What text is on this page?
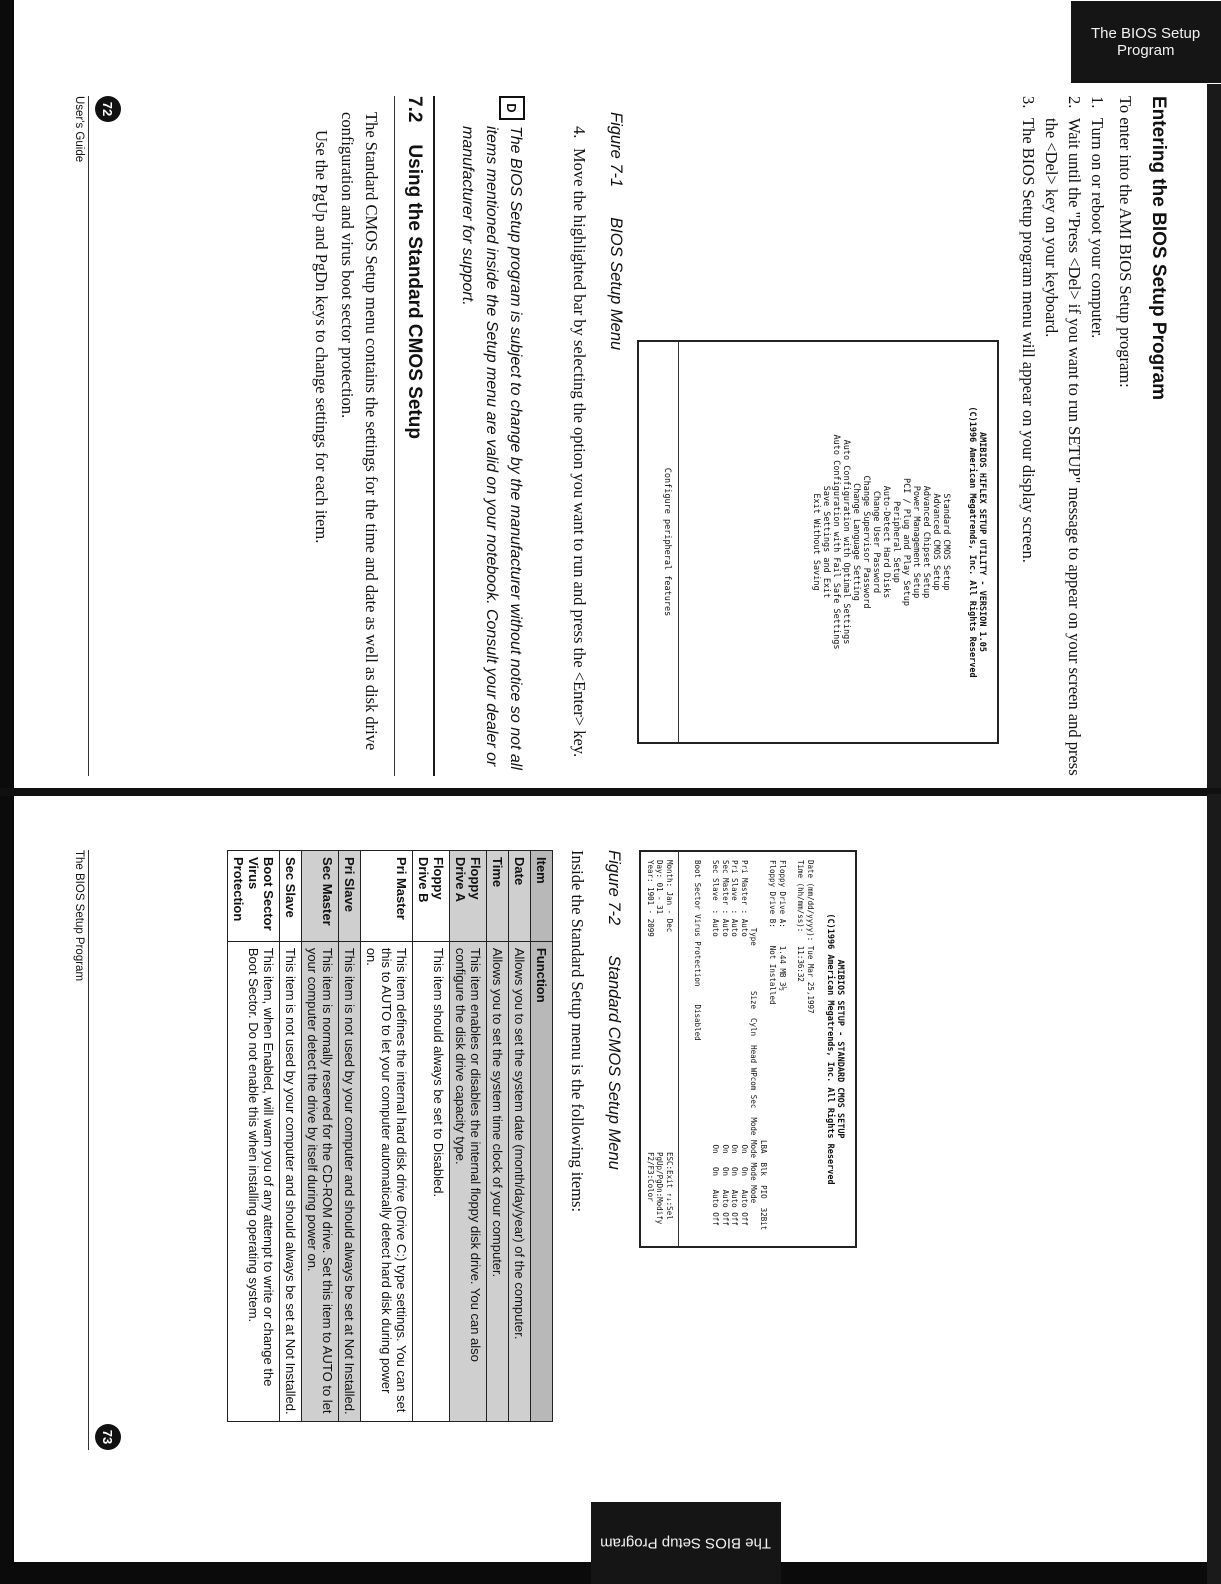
The BIOS Setup Program
Entering the BIOS Setup Program
To enter into the AMI BIOS Setup program:
1.
Turn on or reboot your computer.
2.
Wait until the "Press <Del> if you want to run SETUP" message to appear on your screen and press the <Del> key on your keyboard.
3.
The BIOS Setup program menu will appear on your display screen.
AMIBIOS HIFLEX SETUP UTILITY - VERSION 1.05
(C)1996 American Megatrends, Inc. All Rights Reserved
Standard CMOS Setup
Advanced CMOS Setup
Advanced Chipset Setup
Power Management Setup
PCI / Plug and Play Setup
Peripheral Setup
Auto-Detect Hard Disks
Change User Password
Change Supervisor Password
Change Language Setting
Auto Configuration with Optimal Settings
Auto Configuration with Fail Safe Settings
Save Settings and Exit
Exit Without Saving
Configure peripheral features
Figure 7-1BIOS Setup Menu
4.
Move the highlighted bar by selecting the option you want to run and press the <Enter> key.
D
The BIOS Setup program is subject to change by the manufacturer without notice so not all items mentioned inside the Setup menu are valid on your notebook. Consult your dealer or manufacturer for support.
7.2Using the Standard CMOS Setup
The Standard CMOS Setup menu contains the settings for the time and date as well as disk drive configuration and virus boot sector protection.
Use the PgUp and PgDn keys to change settings for each item.
72
User's Guide
The BIOS Setup Program
AMIBIOS SETUP - STANDARD CMOS SETUP
(C)1996 American Megatrends, Inc. All Rights Reserved
Date (mm/dd/yyyy): Tue Mar 25,1997
Time (hh/mm/ss):   11:36:32
Floppy Drive A:    1.44 MB 3½
Floppy Drive B:    Not Installed
LBA  Blk  PIO  32Bit
Type          Size  Cyln  Head WPcom Sec  Mode Mode Mode Mode
Pri Master : Auto                                              On   On   Auto Off
Pri Slave  : Auto                                              On   On   Auto Off
Sec Master : Auto                                              On   On   Auto Off
Sec Slave  : Auto                                              On   On   Auto Off
Boot Sector Virus Protection    Disabled
Month: Jan - Dec
Day: 01 - 31
Year: 1901 - 2099
ESC:Exit ↑↓:Sel
PgUp/PgDn:Modify
F2/F3:Color
Figure 7-2Standard CMOS Setup Menu
Inside the Standard Setup menu is the following items:
Item	Function
Date	Allows you to set the system date (month/day/year) of the computer.
Time	Allows you to set the system time clock of your computer.
Floppy Drive A	This item enables or disables the internal floppy disk drive. You can also configure the disk drive capacity type.
Floppy Drive B	This item should always be set to Disabled.
Pri Master	This item defines the internal hard disk drive (Drive C:) type settings. You can set this to AUTO to let your computer automatically detect hard disk during power on.
Pri Slave	This item is not used by your computer and should always be set at Not Installed.
Sec Master	This item is normally reserved for the CD-ROM drive. Set this item to AUTO to let your computer detect the drive by itself during power on.
Sec Slave	This item is not used by your computer and should always be set at Not Installed.
Boot Sector Virus Protection	This item, when Enabled, will warn you of any attempt to write or change the Boot Sector. Do not enable this when installing operating system.
The BIOS Setup Program
73
